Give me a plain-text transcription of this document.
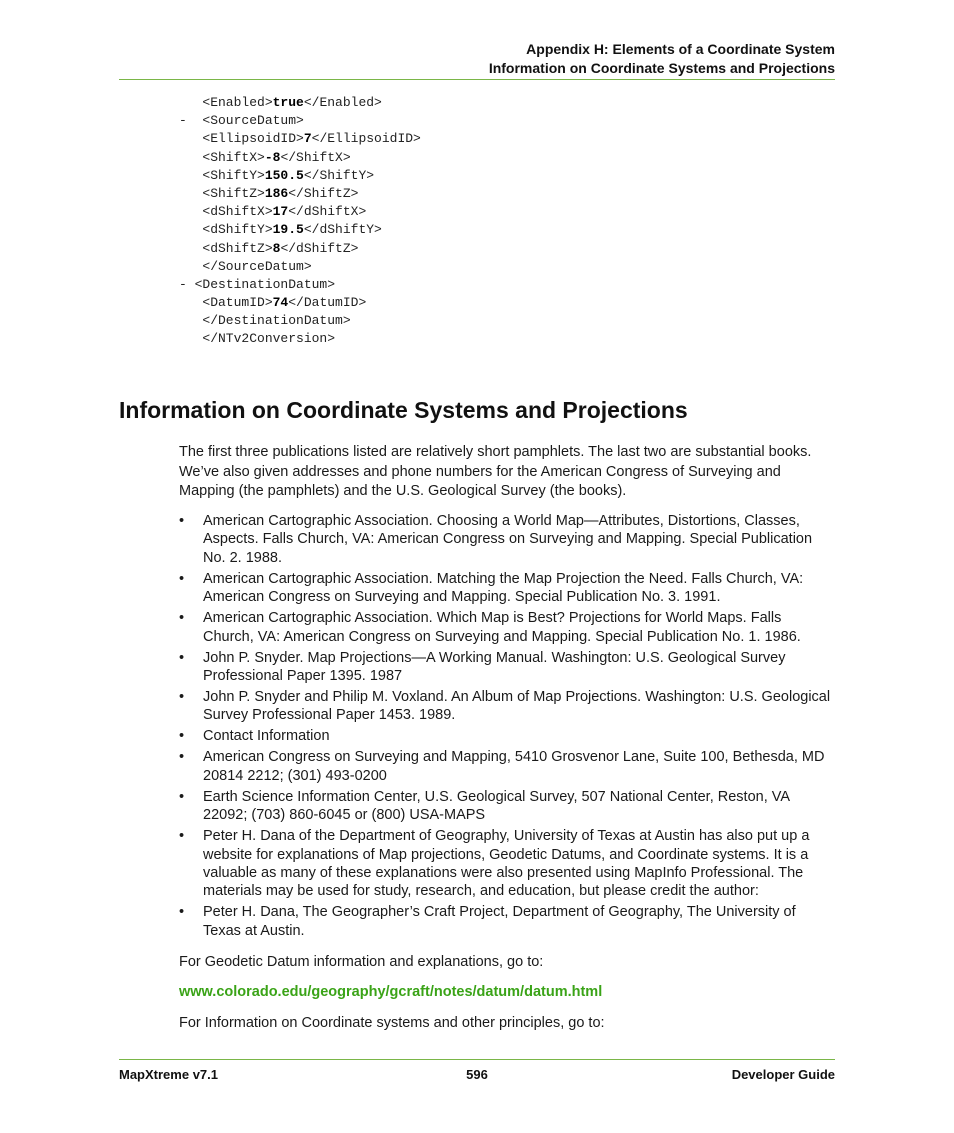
Appendix H: Elements of a Coordinate System
Information on Coordinate Systems and Projections
<Enabled>true</Enabled>
-  <SourceDatum>
<EllipsoidID>7</EllipsoidID>
<ShiftX>-8</ShiftX>
<ShiftY>150.5</ShiftY>
<ShiftZ>186</ShiftZ>
<dShiftX>17</dShiftX>
<dShiftY>19.5</dShiftY>
<dShiftZ>8</dShiftZ>
</SourceDatum>
- <DestinationDatum>
<DatumID>74</DatumID>
</DestinationDatum>
</NTv2Conversion>
Information on Coordinate Systems and Projections

The first three publications listed are relatively short pamphlets. The last two are substantial books. We’ve also given addresses and phone numbers for the American Congress of Surveying and Mapping (the pamphlets) and the U.S. Geological Survey (the books).

• American Cartographic Association. Choosing a World Map—Attributes, Distortions, Classes, Aspects. Falls Church, VA: American Congress on Surveying and Mapping. Special Publication No. 2. 1988.
• American Cartographic Association. Matching the Map Projection the Need. Falls Church, VA: American Congress on Surveying and Mapping. Special Publication No. 3. 1991.
• American Cartographic Association. Which Map is Best? Projections for World Maps. Falls Church, VA: American Congress on Surveying and Mapping. Special Publication No. 1. 1986.
• John P. Snyder. Map Projections—A Working Manual. Washington: U.S. Geological Survey Professional Paper 1395. 1987
• John P. Snyder and Philip M. Voxland. An Album of Map Projections. Washington: U.S. Geological Survey Professional Paper 1453. 1989.
• Contact Information
• American Congress on Surveying and Mapping, 5410 Grosvenor Lane, Suite 100, Bethesda, MD 20814 2212; (301) 493-0200
• Earth Science Information Center, U.S. Geological Survey, 507 National Center, Reston, VA 22092; (703) 860-6045 or (800) USA-MAPS
• Peter H. Dana of the Department of Geography, University of Texas at Austin has also put up a website for explanations of Map projections, Geodetic Datums, and Coordinate systems. It is a valuable as many of these explanations were also presented using MapInfo Professional. The materials may be used for study, research, and education, but please credit the author:
• Peter H. Dana, The Geographer’s Craft Project, Department of Geography, The University of Texas at Austin.

For Geodetic Datum information and explanations, go to:

www.colorado.edu/geography/gcraft/notes/datum/datum.html

For Information on Coordinate systems and other principles, go to:

MapXtreme v7.1	596	Developer Guide
